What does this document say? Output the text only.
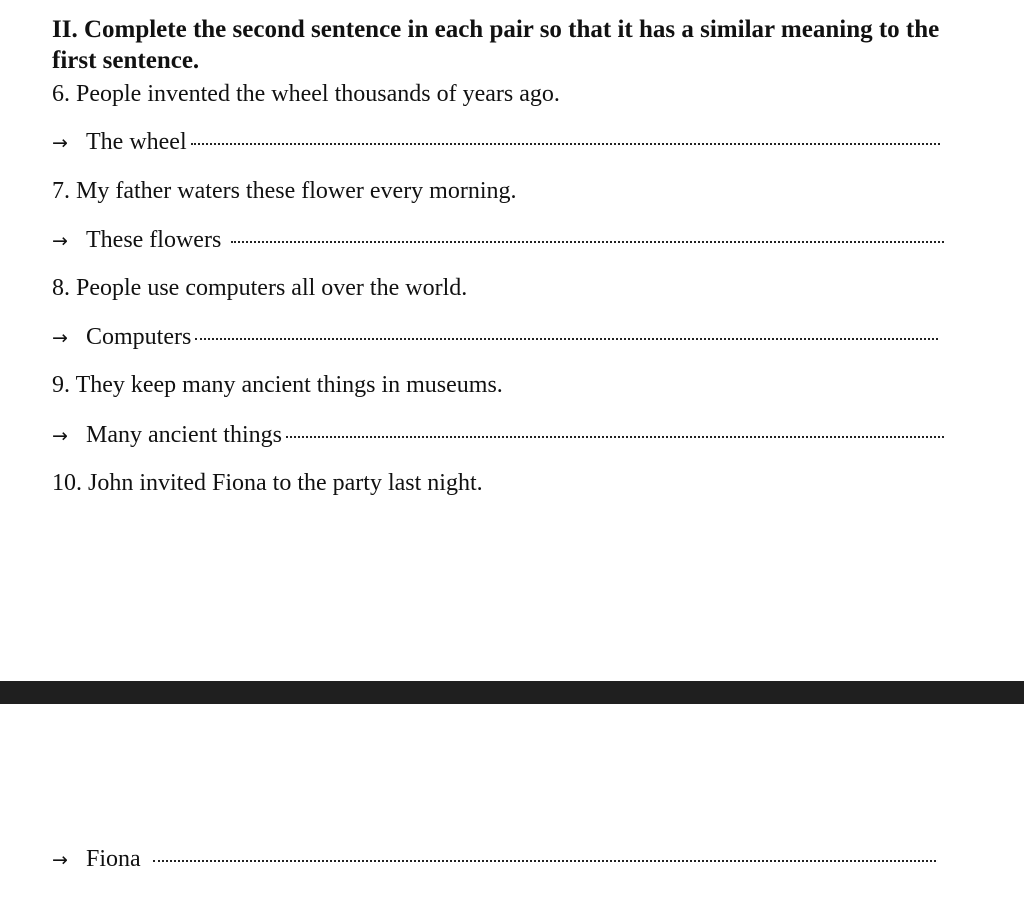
II. Complete the second sentence in each pair so that it has a similar meaning to the first sentence.

6. People invented the wheel thousands of years ago.
→ The wheel
7. My father waters these flower every morning.
→ These flowers
8. People use computers all over the world.
→ Computers
9. They keep many ancient things in museums.
→ Many ancient things
10. John invited Fiona to the party last night.
→ Fiona
